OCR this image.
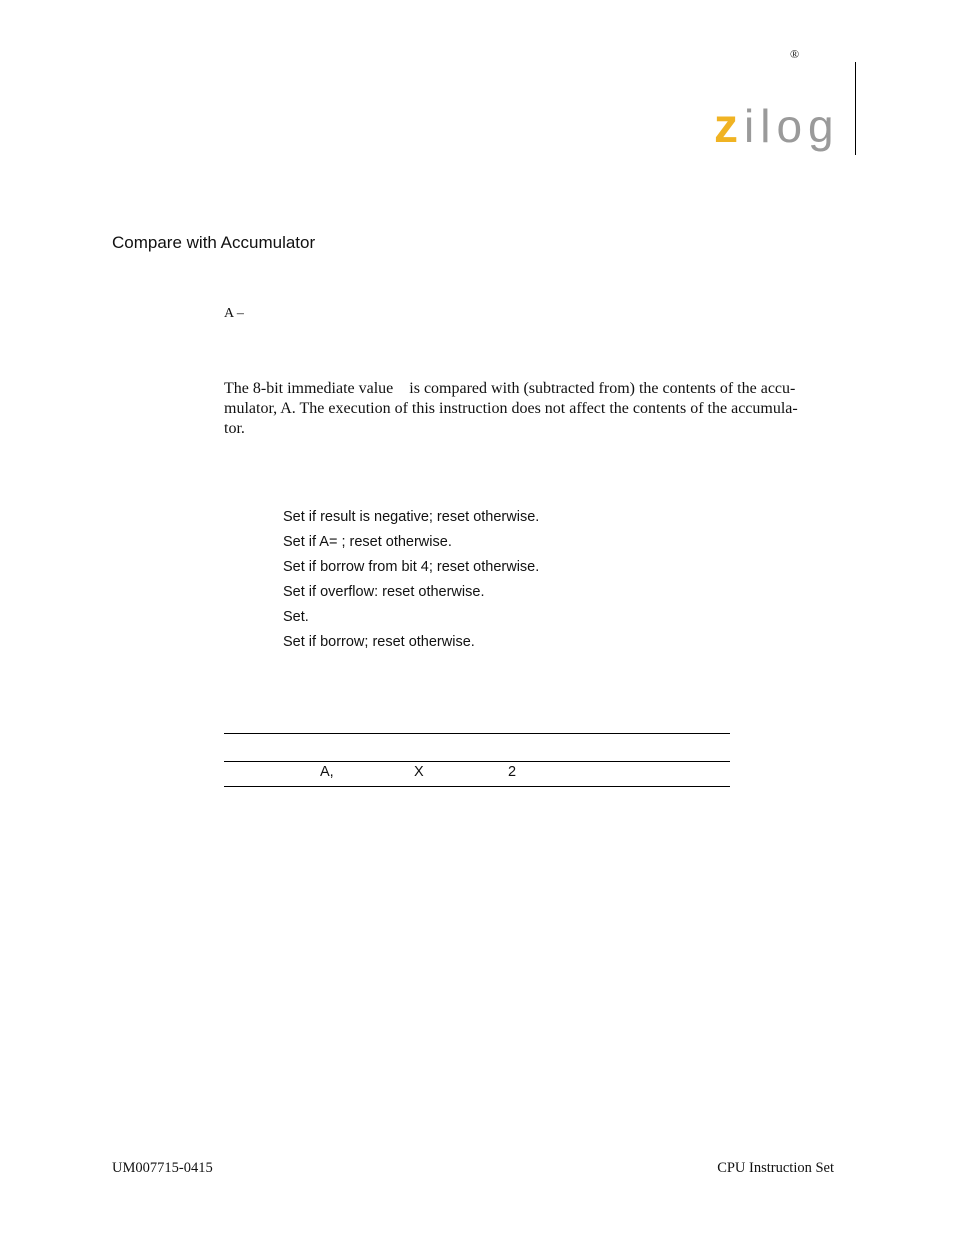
®
z ilog
Compare with Accumulator
A –

The 8-bit immediate value    is compared with (subtracted from) the contents of the accu-
mulator, A. The execution of this instruction does not affect the contents of the accumula-
tor.

Set if result is negative; reset otherwise.
Set if A= ; reset otherwise.
Set if borrow from bit 4; reset otherwise.
Set if overflow: reset otherwise.
Set.
Set if borrow; reset otherwise.
A,	X	2
UM007715-0415	CPU Instruction Set
